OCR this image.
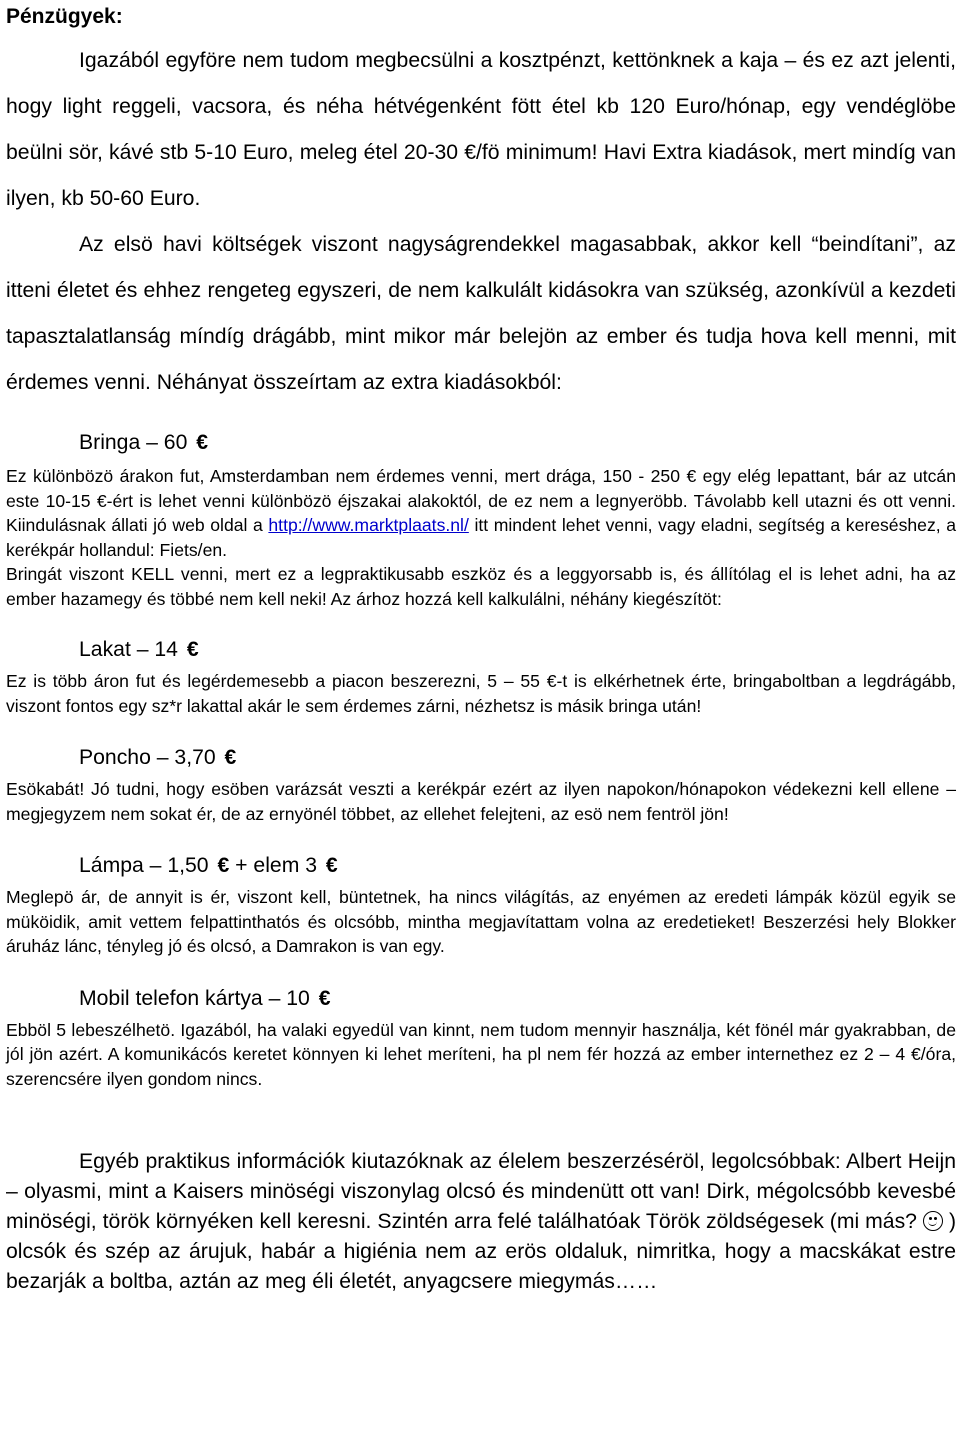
Pénzügyek:

Igazából egyföre nem tudom megbecsülni a kosztpénzt, kettönknek a kaja – és ez azt jelenti, hogy light reggeli, vacsora, és néha hétvégenként fött étel kb 120 Euro/hónap, egy vendéglöbe beülni sör, kávé stb 5-10 Euro, meleg étel 20-30 €/fö minimum! Havi Extra kiadások, mert mindíg van ilyen, kb 50-60 Euro.

Az elsö havi költségek viszont nagyságrendekkel magasabbak, akkor kell “beindítani”, az itteni életet és ehhez rengeteg egyszeri, de nem kalkulált kidásokra van szükség, azonkívül a kezdeti tapasztalatlanság míndíg drágább, mint mikor már belejön az ember és tudja hova kell menni, mit érdemes venni. Néhányat összeírtam az extra kiadásokból:

Bringa – 60 €

Ez különbözö árakon fut, Amsterdamban nem érdemes venni, mert drága, 150 - 250 € egy elég lepattant, bár az utcán este 10-15 €-ért is lehet venni különbözö éjszakai alakoktól, de ez nem a legnyeröbb. Távolabb kell utazni és ott venni. Kiindulásnak állati jó web oldal a http://www.marktplaats.nl/ itt mindent lehet venni, vagy eladni, segítség a kereséshez, a kerékpár hollandul: Fiets/en.

Bringát viszont KELL venni, mert ez a legpraktikusabb eszköz és a leggyorsabb is, és állítólag el is lehet adni, ha az ember hazamegy és többé nem kell neki! Az árhoz hozzá kell kalkulálni, néhány kiegészítöt:

Lakat – 14 €

Ez is több áron fut és legérdemesebb a piacon beszerezni, 5 – 55 €-t is elkérhetnek érte, bringaboltban a legdrágább, viszont fontos egy sz*r lakattal akár le sem érdemes zárni, nézhetsz is másik bringa után!

Poncho – 3,70 €

Esökabát! Jó tudni, hogy esöben varázsát veszti a kerékpár ezért az ilyen napokon/hónapokon védekezni kell ellene – megjegyzem nem sokat ér, de az ernyönél többet, az ellehet felejteni, az esö nem fentröl jön!

Lámpa – 1,50 € + elem 3 €

Meglepö ár, de annyit is ér, viszont kell, büntetnek, ha nincs világítás, az enyémen az eredeti lámpák közül egyik se müköidik, amit vettem felpattinthatós és olcsóbb, mintha megjavítattam volna az eredetieket! Beszerzési hely Blokker áruház lánc, tényleg jó és olcsó, a Damrakon is van egy.

Mobil telefon kártya – 10 €

Ebböl 5 lebeszélhetö. Igazából, ha valaki egyedül van kinnt, nem tudom mennyir használja, két fönél már gyakrabban, de jól jön azért. A komunikácós keretet könnyen ki lehet meríteni, ha pl nem fér hozzá az ember internethez ez 2 – 4 €/óra, szerencsére ilyen gondom nincs.

Egyéb praktikus információk kiutazóknak az élelem beszerzéséröl, legolcsóbbak: Albert Heijn – olyasmi, mint a Kaisers minöségi viszonylag olcsó és mindenütt ott van! Dirk, mégolcsóbb kevesbé minöségi, török környéken kell keresni. Szintén arra felé találhatóak Török zöldségesek (mi más? ) olcsók és szép az árujuk, habár a higiénia nem az erös oldaluk, nimritka, hogy a macskákat estre bezarják a boltba, aztán az meg éli életét, anyagcsere miegymás……
